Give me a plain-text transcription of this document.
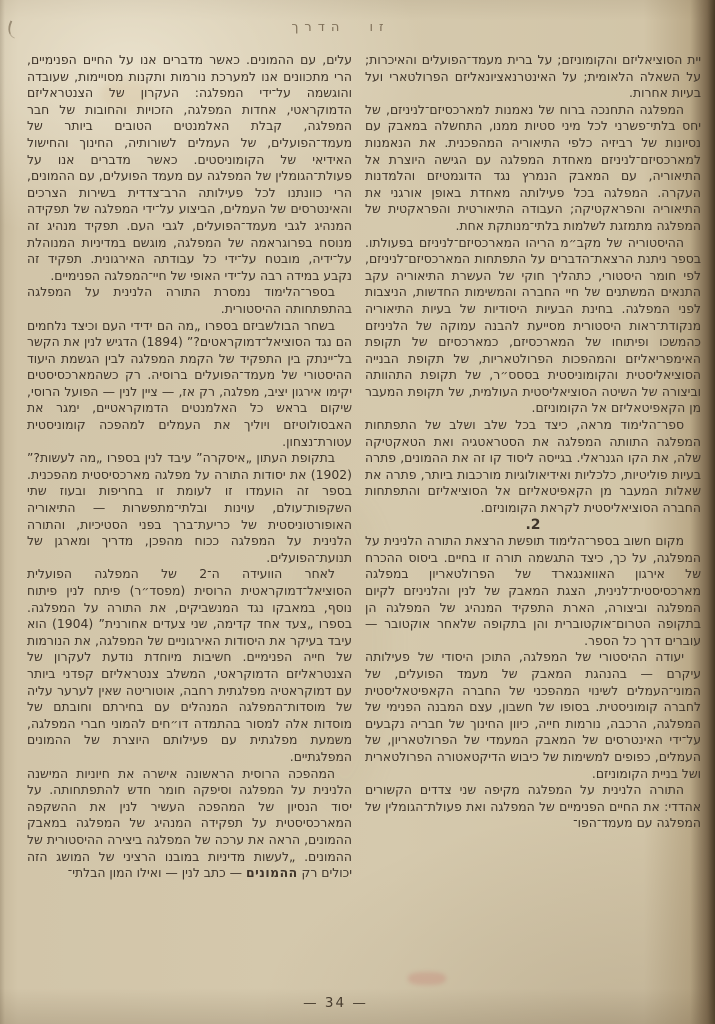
זו הדרך

יית הסוציאליזם והקומוניזם; על ברית מעמד־הפועלים והאיכרות; על השאלה הלאומית; על האינטרנאציונאליזם הפרולטארי ועל בעיות אחרות.

המפלגה התחנכה ברוח של נאמנות למארכסיזם־לניניזם, של יחס בלתי־פשרני לכל מיני סטיות ממנו, התחשלה במאבק עם נסיונות של רביזיה כלפי התיאוריה המהפכנית. את הנאמנות למארכסיזם־לניניזם מאחדת המפלגה עם הגישה היוצרת אל התיאוריה, עם המאבק הנמרץ נגד הדוגמטיזם והלמדנות העקרה. המפלגה בכל פעילותה מאחדת באופן אורגני את התיאוריה והפראקטיקה; העבודה התיאורטית והפראקטית של המפלגה מתמזגת לשלמות בלתי־מנותקת אחת.

ההיסטוריה של מקב״מ הריהו המארכסיזם־לניניזם בפעולתו. בספר ניתנת הרצאת־הדברים על התפתחות המארכסיזם־לניניזם, לפי חומר היסטורי, כתהליך חוקי של העשרת התיאוריה עקב התנאים המשתנים של חיי החברה והמשימות החדשות, הניצבות לפני המפלגה. בחינת הבעיות היסודיות של בעיות התיאוריה מנקודת־ראות היסטורית מסייעת להבנה עמוקה של הלניניזם כהמשכו ופיתוחו של המארכסיזם, כמארכסיזם של תקופת האימפריאליזם והמהפכות הפרולטאריות, של תקופת הבנייה הסוציאליסטית והקומוניסטית בססס״ר, של תקופת התהוותה וביצורה של השיטה הסוציאליסטית העולמית, של תקופת המעבר מן הקאפיטאליזם אל הקומוניזם.

ספר־הלימוד מראה, כיצד בכל שלב ושלב של התפתחות המפלגה התוותה המפלגה את הסטראטגיה ואת הטאקטיקה שלה, את הקו הגנראלי. בגייסה ליסוד קו זה את ההמונים, פתרה בעיות פוליטיות, כלכליות ואידיאולוגיות מורכבות ביותר, פתרה את שאלות המעבר מן הקאפיטאליזם אל הסוציאליזם והתפתחות החברה הסוציאליסטית לקראת הקומוניזם.

2.

מקום חשוב בספר־הלימוד תופשת הרצאת התורה הלנינית על המפלגה, על כך, כיצד התגשמה תורה זו בחיים. ביסוס ההכרח של אירגון האוואנגארד של הפרולטאריון במפלגה מארכסיסטית־לנינית, הצגת המאבק של לנין והלניניזם לקיום המפלגה וביצורה, הארת התפקיד המנהיג של המפלגה הן בתקופה הטרום־אוקטוברית והן בתקופה שלאחר אוקטובר — עוברים דרך כל הספר.

יעודה ההיסטורי של המפלגה, התוכן היסודי של פעילותה עיקרם — בהנהגת המאבק של מעמד הפועלים, של המוני־העמלים לשינוי המהפכני של החברה הקאפיטאליסטית לחברה קומוניסטית. בסופו של חשבון, עצם המבנה הפנימי של המפלגה, הרכבה, נורמות חייה, כיוון החינוך של חבריה נקבעים על־ידי האינטרסים של המאבק המעמדי של הפרולטאריון, של העמלים, כפופים למשימות של כיבוש הדיקטאטורה הפרולטארית ושל בניית הקומוניזם.

התורה הלנינית על המפלגה מקיפה שני צדדים הקשורים אהדדי: את החיים הפנימיים של המפלגה ואת פעולת־הגומלין של המפלגה עם מעמד־הפו־

עלים, עם ההמונים. כאשר מדברים אנו על החיים הפנימיים, הרי מתכוונים אנו למערכת נורמות ותקנות מסויימות, שעובדה והוגשמה על־ידי המפלגה: העקרון של הצנטראליזם הדמוקראטי, אחדות המפלגה, הזכויות והחובות של חבר המפלגה, קבלת האלמנטים הטובים ביותר של מעמד־הפועלים, של העמלים לשורותיה, החינוך והחישול האידיאי של הקומוניסטים. כאשר מדברים אנו על פעולת־הגומלין של המפלגה עם מעמד הפועלים, עם ההמונים, הרי כוונתנו לכל פעילותה הרב־צדדית בשירות הצרכים והאינטרסים של העמלים, הביצוע על־ידי המפלגה של תפקידה המנהיג לגבי מעמד־הפועלים, לגבי העם. תפקיד מנהיג זה מנוסח בפרוגראמה של המפלגה, מוגשם במדיניות המנוהלת על־ידיה, מובטח על־ידי כל עבודתה האירגונית. תפקיד זה נקבע במידה רבה על־ידי האופי של חיי־המפלגה הפנימיים.

בספר־הלימוד נמסרת התורה הלנינית על המפלגה בהתפתחותה ההיסטורית.

בשחר הבולשביזם בספרו „מה הם ידידי העם וכיצד נלחמים הם נגד הסוציאל־דמוקראטים?” (1894) הדגיש לנין את הקשר בל־יינתק בין התפקיד של הקמת המפלגה לבין הגשמת היעוד ההיסטורי של מעמד־הפועלים ברוסיה. רק כשהמארכסיסטים יקימו אירגון יציב, מפלגה, רק אז, — ציין לנין — הפועל הרוסי, שיקום בראש כל האלמנטים הדמוקראטיים, ימגר את האבסולוטיזם ויוליך את העמלים למהפכה קומוניסטית עטורת־נצחון.

בתקופת העתון „איסקרה” עיבד לנין בספרו „מה לעשות?” (1902) את יסודות התורה על מפלגה מארכסיסטית מהפכנית. בספר זה הועמדו זו לעומת זו בחריפות ובעוז שתי השקפות־עולם, עוינות ובלתי־מתפשרות — התיאוריה האופורטוניסטית של כריעת־ברך בפני הסטיכיות, והתורה הלנינית על המפלגה ככוח מהפכן, מדריך ומארגן של תנועת־הפועלים.

לאחר הוועידה ה־2 של המפלגה הפועלית הסוציאל־דמוקראטית הרוסית (מפסד״ר) פיתח לנין פיתוח נוסף, במאבקו נגד המנשביקים, את התורה על המפלגה. בספרו „צעד אחד קדימה, שני צעדים אחורנית” (1904) הוא עיבד בעיקר את היסודות האירגוניים של המפלגה, את הנורמות של חייה הפנימיים. חשיבות מיוחדת נודעת לעקרון של הצנטראליזם הדמוקראטי, המשלב צנטראליזם קפדני ביותר עם דמוקראטיה מפלגתית רחבה, אוטוריטה שאין לערער עליה של מוסדות־המפלגה המנהלים עם בחירתם וחובתם של מוסדות אלה למסור בהתמדה דו״חים להמוני חברי המפלגה, משמעת מפלגתית עם פעילותם היוצרת של ההמונים המפלגתיים.

המהפכה הרוסית הראשונה אישרה את חיוניות המישנה הלנינית על המפלגה וסיפקה חומר חדש להתפתחותה. על יסוד הנסיון של המהפכה העשיר לנין את ההשקפה המארכסיסטית על תפקידה המנהיג של המפלגה במאבק ההמונים, הראה את ערכה של המפלגה ביצירה ההיסטורית של ההמונים. „לעשות מדיניות במובנו הרציני של המושג הזה יכולים רק ההמונים — כתב לנין — ואילו המון הבלתי־

— 34 —
